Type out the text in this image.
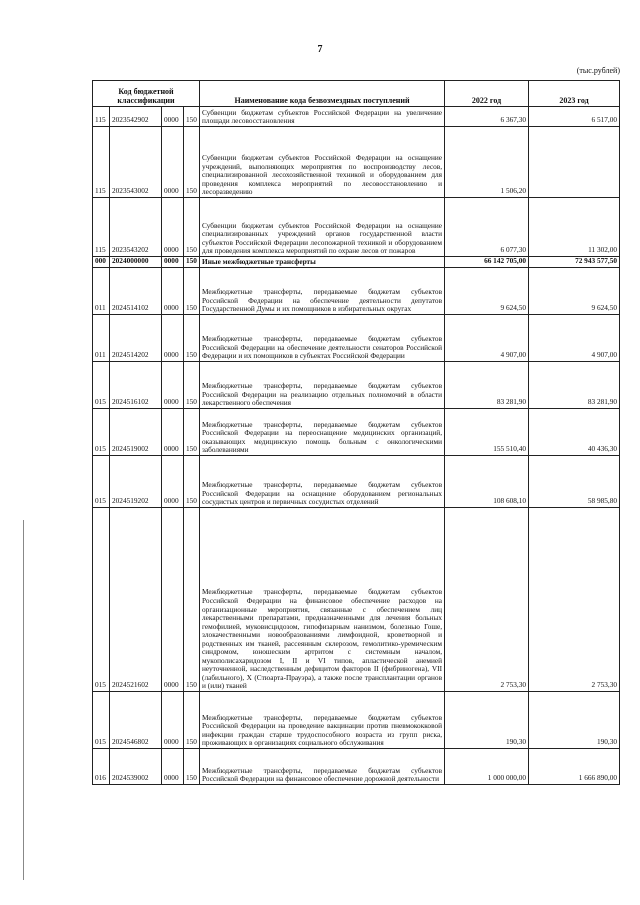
7
(тыс.рублей)
Код бюджетной классификации				Наименование кода безвозмездных поступлений	2022 год	2023 год
115	2023542902	0000	150	Субвенции бюджетам субъектов Российской Федерации на увеличение площади лесовосстановления	6 367,30	6 517,00
115	2023543002	0000	150	Субвенции бюджетам субъектов Российской Федерации на оснащение учреждений, выполняющих мероприятия по воспроизводству лесов, специализированной лесохозяйственной техникой и оборудованием для проведения комплекса мероприятий по лесовосстановлению и лесоразведению	1 506,20	
115	2023543202	0000	150	Субвенции бюджетам субъектов Российской Федерации на оснащение специализированных учреждений органов государственной власти субъектов Российской Федерации лесопожарной техникой и оборудованием для проведения комплекса мероприятий по охране лесов от пожаров	6 077,30	11 302,00
000	2024000000	0000	150	Иные межбюджетные трансферты	66 142 705,00	72 943 577,50
011	2024514102	0000	150	Межбюджетные трансферты, передаваемые бюджетам субъектов Российской Федерации на обеспечение деятельности депутатов Государственной Думы и их помощников в избирательных округах	9 624,50	9 624,50
011	2024514202	0000	150	Межбюджетные трансферты, передаваемые бюджетам субъектов Российской Федерации на обеспечение деятельности сенаторов Российской Федерации и их помощников в субъектах Российской Федерации	4 907,00	4 907,00
015	2024516102	0000	150	Межбюджетные трансферты, передаваемые бюджетам субъектов Российской Федерации на реализацию отдельных полномочий в области лекарственного обеспечения	83 281,90	83 281,90
015	2024519002	0000	150	Межбюджетные трансферты, передаваемые бюджетам субъектов Российской Федерации на переоснащение медицинских организаций, оказывающих медицинскую помощь больным с онкологическими заболеваниями	155 510,40	40 436,30
015	2024519202	0000	150	Межбюджетные трансферты, передаваемые бюджетам субъектов Российской Федерации на оснащение оборудованием региональных сосудистых центров и первичных сосудистых отделений	108 608,10	58 985,80
015	2024521602	0000	150	Межбюджетные трансферты, передаваемые бюджетам субъектов Российской Федерации на финансовое обеспечение расходов на организационные мероприятия, связанные с обеспечением лиц лекарственными препаратами, предназначенными для лечения больных гемофилией, муковисцидозом, гипофизарным нанизмом, болезнью Гоше, злокачественными новообразованиями лимфоидной, кроветворной и родственных им тканей, рассеянным склерозом, гемолитико-уремическим синдромом, юношеским артритом с системным началом, мукополисахаридозом I, II и VI типов, апластической анемией неуточненной, наследственным дефицитом факторов II (фибриногена), VII (лабильного), X (Стюарта-Прауэра), а также после трансплантации органов и (или) тканей	2 753,30	2 753,30
015	2024546802	0000	150	Межбюджетные трансферты, передаваемые бюджетам субъектов Российской Федерации на проведение вакцинации против пневмококковой инфекции граждан старше трудоспособного возраста из групп риска, проживающих в организациях социального обслуживания	190,30	190,30
016	2024539002	0000	150	Межбюджетные трансферты, передаваемые бюджетам субъектов Российской Федерации на финансовое обеспечение дорожной деятельности	1 000 000,00	1 666 890,00
